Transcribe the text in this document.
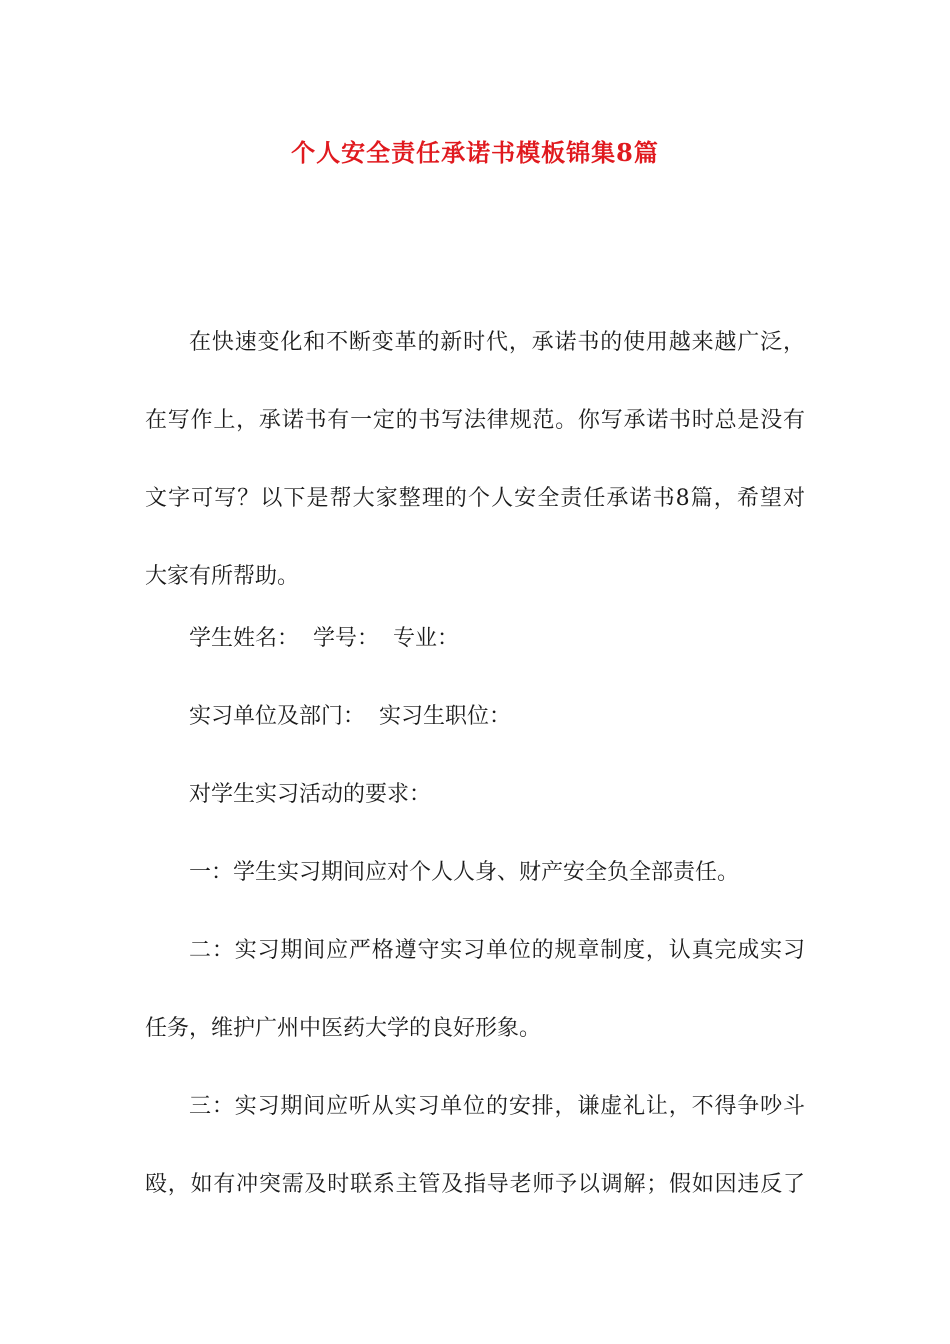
个人安全责任承诺书模板锦集8篇
在快速变化和不断变革的新时代，承诺书的使用越来越广泛，
在写作上，承诺书有一定的书写法律规范。你写承诺书时总是没有
文字可写？以下是帮大家整理的个人安全责任承诺书8篇，希望对
大家有所帮助。
学生姓名：  学号：  专业：
实习单位及部门：  实习生职位：
对学生实习活动的要求：
一：学生实习期间应对个人人身、财产安全负全部责任。
二：实习期间应严格遵守实习单位的规章制度，认真完成实习
任务，维护广州中医药大学的良好形象。
三：实习期间应听从实习单位的安排，谦虚礼让，不得争吵斗
殴，如有冲突需及时联系主管及指导老师予以调解；假如因违反了
